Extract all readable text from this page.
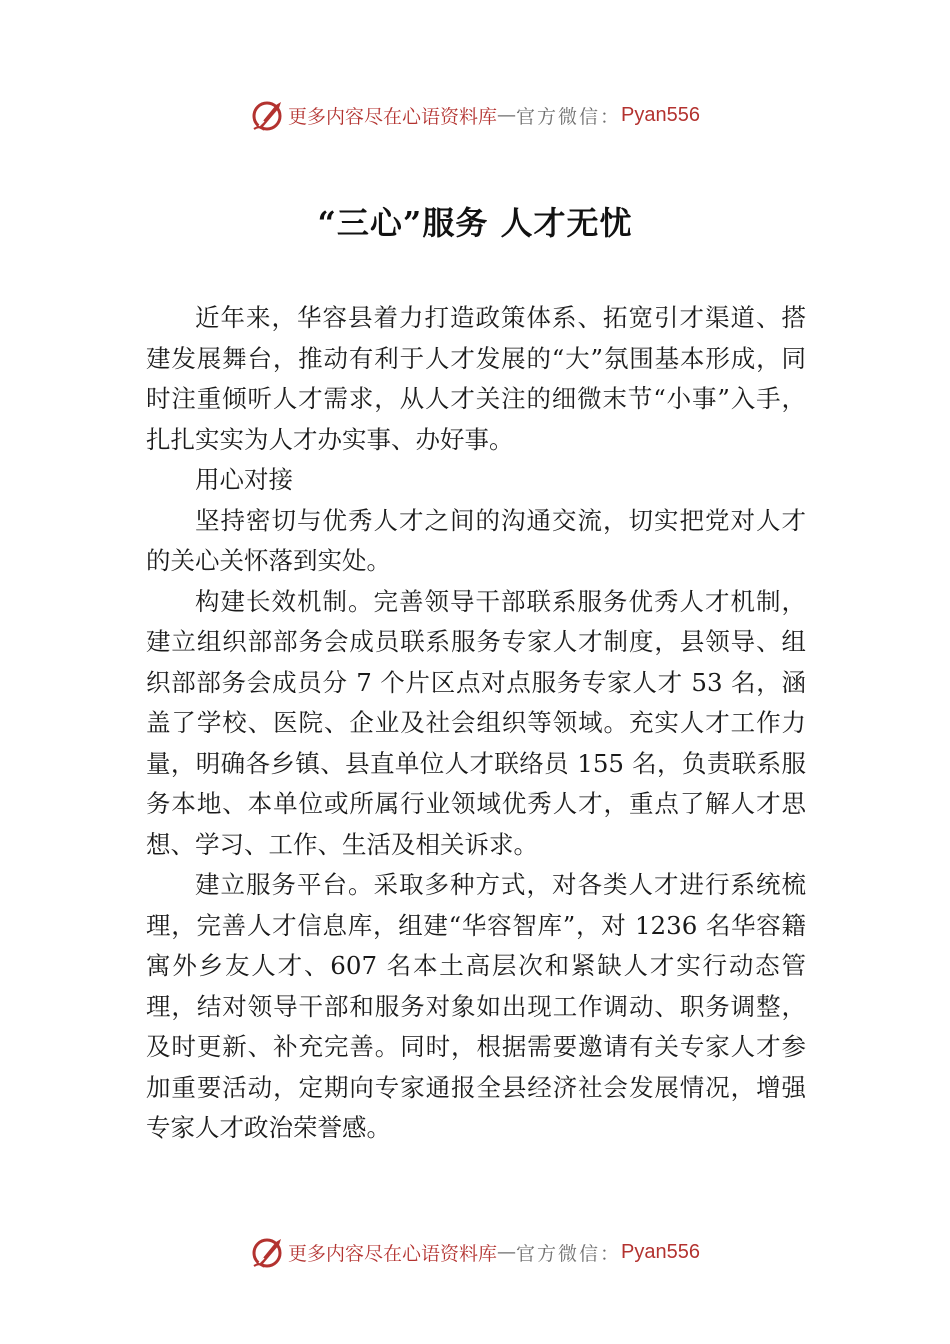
更多内容尽在心语资料库 — 官方微信： Pyan556
“三心”服务 人才无忧

近年来，华容县着力打造政策体系、拓宽引才渠道、搭建发展舞台，推动有利于人才发展的“大”氛围基本形成，同时注重倾听人才需求，从人才关注的细微末节“小事”入手，扎扎实实为人才办实事、办好事。

用心对接

坚持密切与优秀人才之间的沟通交流，切实把党对人才的关心关怀落到实处。

构建长效机制。完善领导干部联系服务优秀人才机制，建立组织部部务会成员联系服务专家人才制度，县领导、组织部部务会成员分 7 个片区点对点服务专家人才 53 名，涵盖了学校、医院、企业及社会组织等领域。充实人才工作力量，明确各乡镇、县直单位人才联络员 155 名，负责联系服务本地、本单位或所属行业领域优秀人才，重点了解人才思想、学习、工作、生活及相关诉求。

建立服务平台。采取多种方式，对各类人才进行系统梳理，完善人才信息库，组建“华容智库”，对 1236 名华容籍寓外乡友人才、607 名本土高层次和紧缺人才实行动态管理，结对领导干部和服务对象如出现工作调动、职务调整，及时更新、补充完善。同时，根据需要邀请有关专家人才参加重要活动，定期向专家通报全县经济社会发展情况，增强专家人才政治荣誉感。

更多内容尽在心语资料库 — 官方微信： Pyan556
